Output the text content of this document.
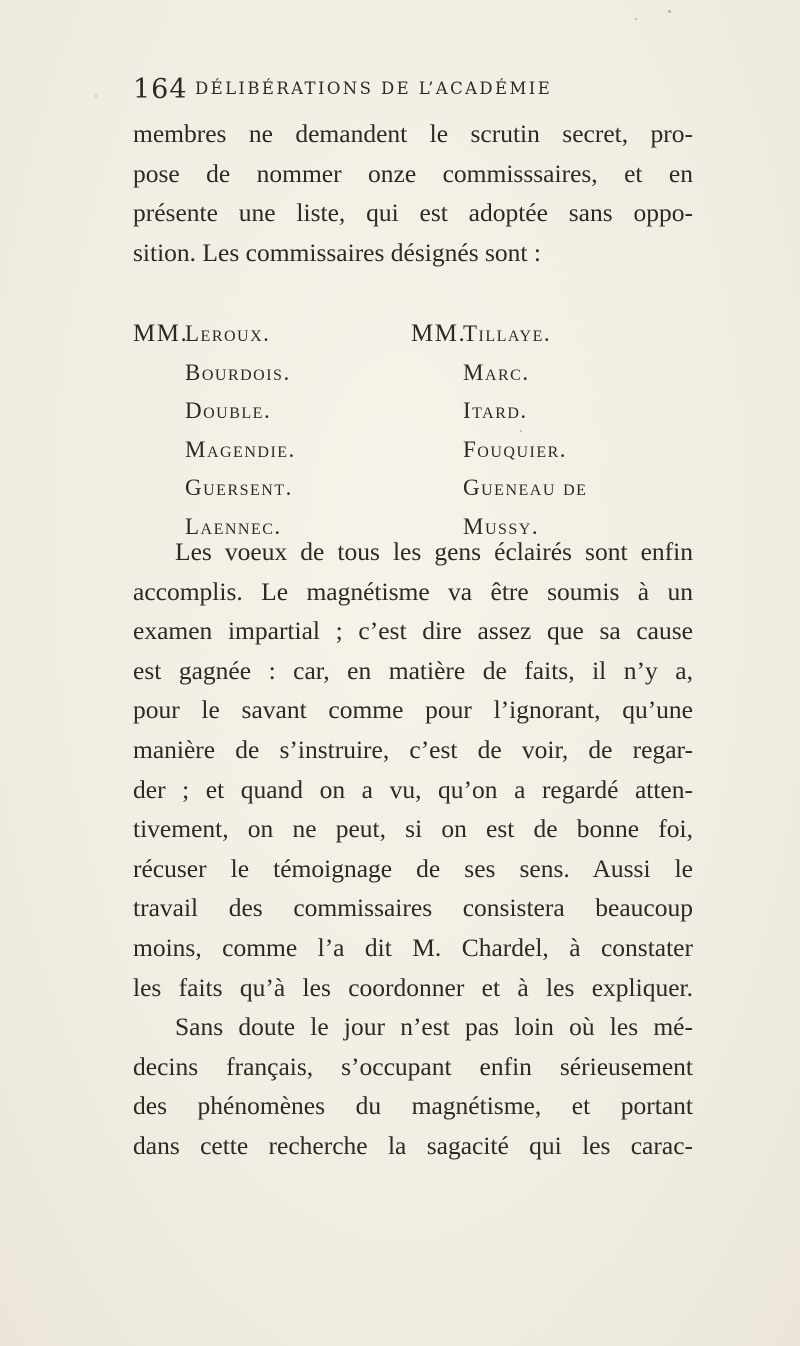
164 DÉLIBÉRATIONS DE L’ACADÉMIE
membres ne demandent le scrutin secret, pro-
pose de nommer onze commisssaires, et en
présente une liste, qui est adoptée sans oppo-
sition. Les commissaires désignés sont :
MM.Leroux.
Bourdois.
Double.
Magendie.
Guersent.
Laennec.
MM.Tillaye.
Marc.
Itard.
Fouquier.
Gueneau de
Mussy.
Les voeux de tous les gens éclairés sont enfin
accomplis. Le magnétisme va être soumis à un
examen impartial ; c’est dire assez que sa cause
est gagnée : car, en matière de faits, il n’y a,
pour le savant comme pour l’ignorant, qu’une
manière de s’instruire, c’est de voir, de regar-
der ; et quand on a vu, qu’on a regardé atten-
tivement, on ne peut, si on est de bonne foi,
récuser le témoignage de ses sens. Aussi le
travail des commissaires consistera beaucoup
moins, comme l’a dit M. Chardel, à constater
les faits qu’à les coordonner et à les expliquer.
Sans doute le jour n’est pas loin où les mé-
decins français, s’occupant enfin sérieusement
des phénomènes du magnétisme, et portant
dans cette recherche la sagacité qui les carac-
